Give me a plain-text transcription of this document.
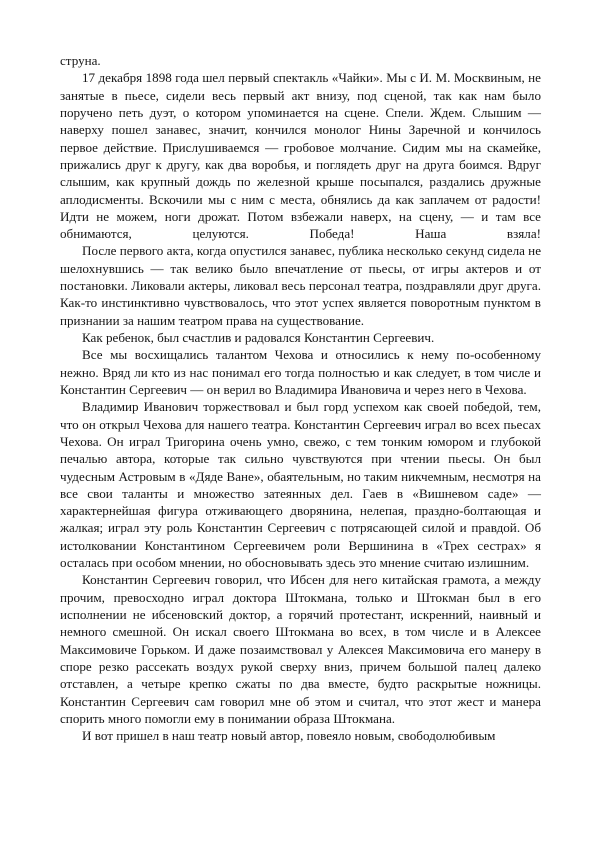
струна.

17 декабря 1898 года шел первый спектакль «Чайки». Мы с И. М. Москвиным, не занятые в пьесе, сидели весь первый акт внизу, под сценой, так как нам было поручено петь дуэт, о котором упоминается на сцене. Спели. Ждем. Слышим — наверху пошел занавес, значит, кончился монолог Нины Заречной и кончилось первое действие. Прислушиваемся — гробовое молчание. Сидим мы на скамейке, прижались друг к другу, как два воробья, и поглядеть друг на друга боимся. Вдруг слышим, как крупный дождь по железной крыше посыпался, раздались дружные аплодисменты. Вскочили мы с ним с места, обнялись да как заплачем от радости! Идти не можем, ноги дрожат. Потом взбежали наверх, на сцену, — и там все обнимаются, целуются. Победа! Наша взяла!

После первого акта, когда опустился занавес, публика несколько секунд сидела не шелохнувшись — так велико было впечатление от пьесы, от игры актеров и от постановки. Ликовали актеры, ликовал весь персонал театра, поздравляли друг друга. Как-то инстинктивно чувствовалось, что этот успех является поворотным пунктом в признании за нашим театром права на существование.

Как ребенок, был счастлив и радовался Константин Сергеевич.

Все мы восхищались талантом Чехова и относились к нему по-особенному нежно. Вряд ли кто из нас понимал его тогда полностью и как следует, в том числе и Константин Сергеевич — он верил во Владимира Ивановича и через него в Чехова.

Владимир Иванович торжествовал и был горд успехом как своей победой, тем, что он открыл Чехова для нашего театра. Константин Сергеевич играл во всех пьесах Чехова. Он играл Тригорина очень умно, свежо, с тем тонким юмором и глубокой печалью автора, которые так сильно чувствуются при чтении пьесы. Он был чудесным Астровым в «Дяде Ване», обаятельным, но таким никчемным, несмотря на все свои таланты и множество затеянных дел. Гаев в «Вишневом саде» — характернейшая фигура отживающего дворянина, нелепая, праздно-болтающая и жалкая; играл эту роль Константин Сергеевич с потрясающей силой и правдой. Об истолковании Константином Сергеевичем роли Вершинина в «Трех сестрах» я осталась при особом мнении, но обосновывать здесь это мнение считаю излишним.

Константин Сергеевич говорил, что Ибсен для него китайская грамота, а между прочим, превосходно играл доктора Штокмана, только и Штокман был в его исполнении не ибсеновский доктор, а горячий протестант, искренний, наивный и немного смешной. Он искал своего Штокмана во всех, в том числе и в Алексее Максимовиче Горьком. И даже позаимствовал у Алексея Максимовича его манеру в споре резко рассекать воздух рукой сверху вниз, причем большой палец далеко отставлен, а четыре крепко сжаты по два вместе, будто раскрытые ножницы. Константин Сергеевич сам говорил мне об этом и считал, что этот жест и манера спорить много помогли ему в понимании образа Штокмана.

И вот пришел в наш театр новый автор, повеяло новым, свободолюбивым
